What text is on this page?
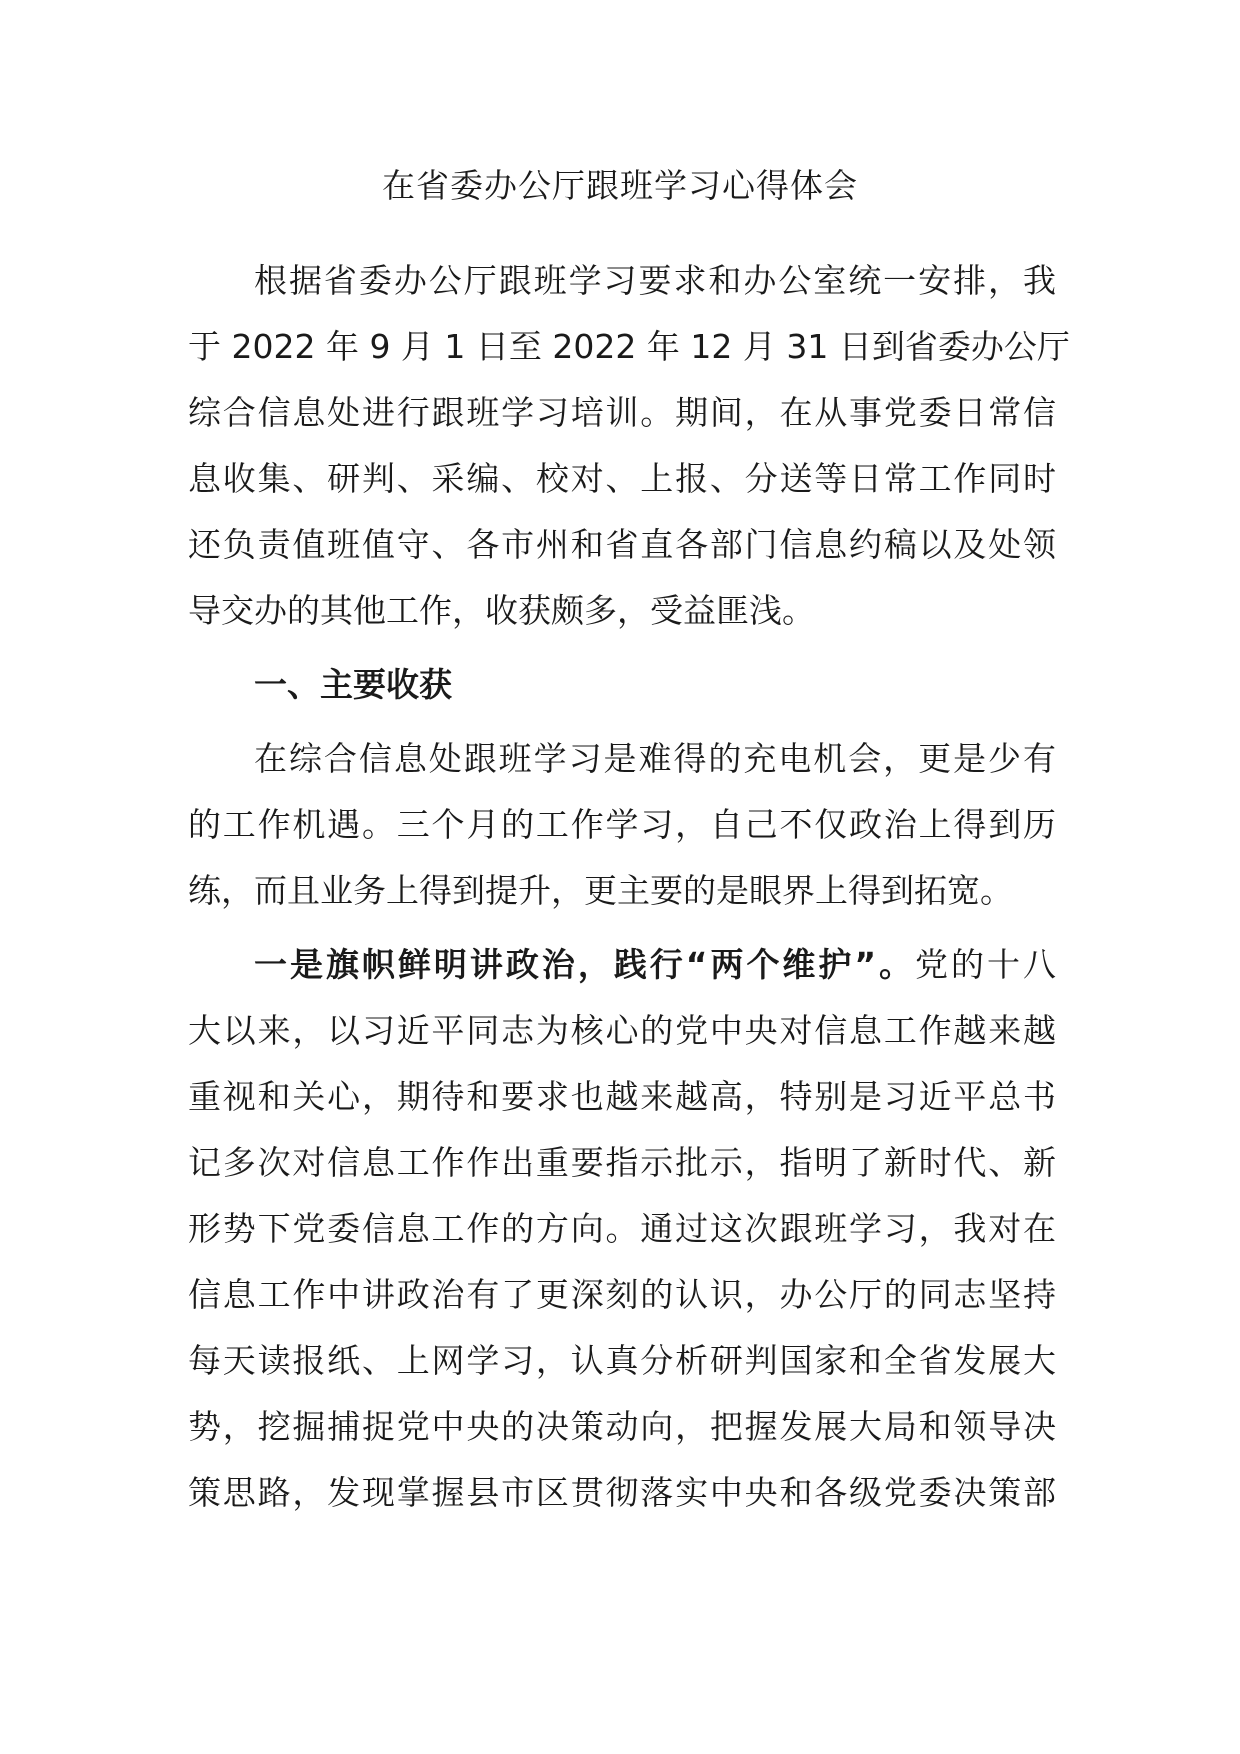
在省委办公厅跟班学习心得体会
根据省委办公厅跟班学习要求和办公室统一安排，我
于 2022 年 9 月 1 日至 2022 年 12 月 31 日到省委办公厅
综合信息处进行跟班学习培训。期间，在从事党委日常信
息收集、研判、采编、校对、上报、分送等日常工作同时
还负责值班值守、各市州和省直各部门信息约稿以及处领
导交办的其他工作，收获颇多，受益匪浅。
一、主要收获
在综合信息处跟班学习是难得的充电机会，更是少有
的工作机遇。三个月的工作学习，自己不仅政治上得到历
练，而且业务上得到提升，更主要的是眼界上得到拓宽。
一是旗帜鲜明讲政治，践行“两个维护”。党的十八
大以来，以习近平同志为核心的党中央对信息工作越来越
重视和关心，期待和要求也越来越高，特别是习近平总书
记多次对信息工作作出重要指示批示，指明了新时代、新
形势下党委信息工作的方向。通过这次跟班学习，我对在
信息工作中讲政治有了更深刻的认识，办公厅的同志坚持
每天读报纸、上网学习，认真分析研判国家和全省发展大
势，挖掘捕捉党中央的决策动向，把握发展大局和领导决
策思路，发现掌握县市区贯彻落实中央和各级党委决策部
